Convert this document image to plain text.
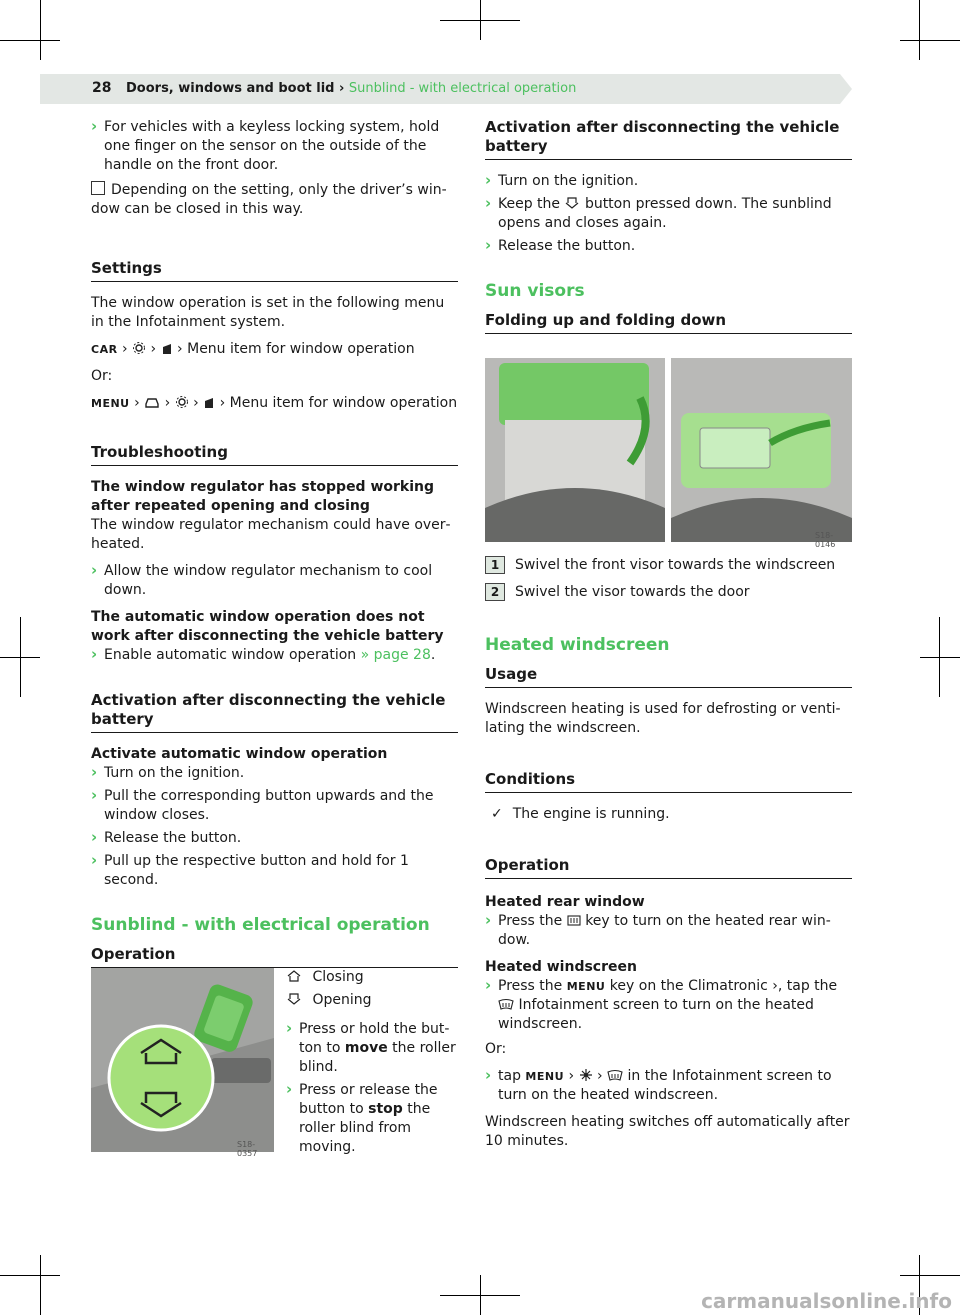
28 Doors, windows and boot lid › Sunblind - with electrical operation
› For vehicles with a keyless locking system, hold one finger on the sensor on the outside of the handle on the front door.

Depending on the setting, only the driver’s window can be closed in this way.

Settings

The window operation is set in the following menu in the Infotainment system.

CAR › › › Menu item for window operation

Or:

MENU › › › › Menu item for window operation

Troubleshooting

The window regulator has stopped working after repeated opening and closing

The window regulator mechanism could have overheated.

› Allow the window regulator mechanism to cool down.

The automatic window operation does not work after disconnecting the vehicle battery

› Enable automatic window operation » page 28.
Activation after disconnecting the vehicle battery

Activate automatic window operation

› Turn on the ignition.
› Pull the corresponding button upwards and the window closes.
› Release the button.
› Pull up the respective button and hold for 1 second.
Sunblind - with electrical operation
Operation
S18-0357

Closing

Opening

› Press or hold the button to move the roller blind.
› Press or release the button to stop the roller blind from moving.
Activation after disconnecting the vehicle battery
› Turn on the ignition.
› Keep the button pressed down. The sunblind opens and closes again.
› Release the button.
Sun visors
Folding up and folding down
S18-0146

1 Swivel the front visor towards the windscreen

2 Swivel the visor towards the door

Heated windscreen
Usage

Windscreen heating is used for defrosting or ventilating the windscreen.

Conditions

✓ The engine is running.

Operation

Heated rear window

› Press the key to turn on the heated rear window.

Heated windscreen

› Press the MENU key on the Climatronic ›, tap the  Infotainment screen to turn on the heated windscreen.

Or:

› tap MENU ›  ›  in the Infotainment screen to turn on the heated windscreen.

Windscreen heating switches off automatically after 10 minutes.

carmanualsonline.info
